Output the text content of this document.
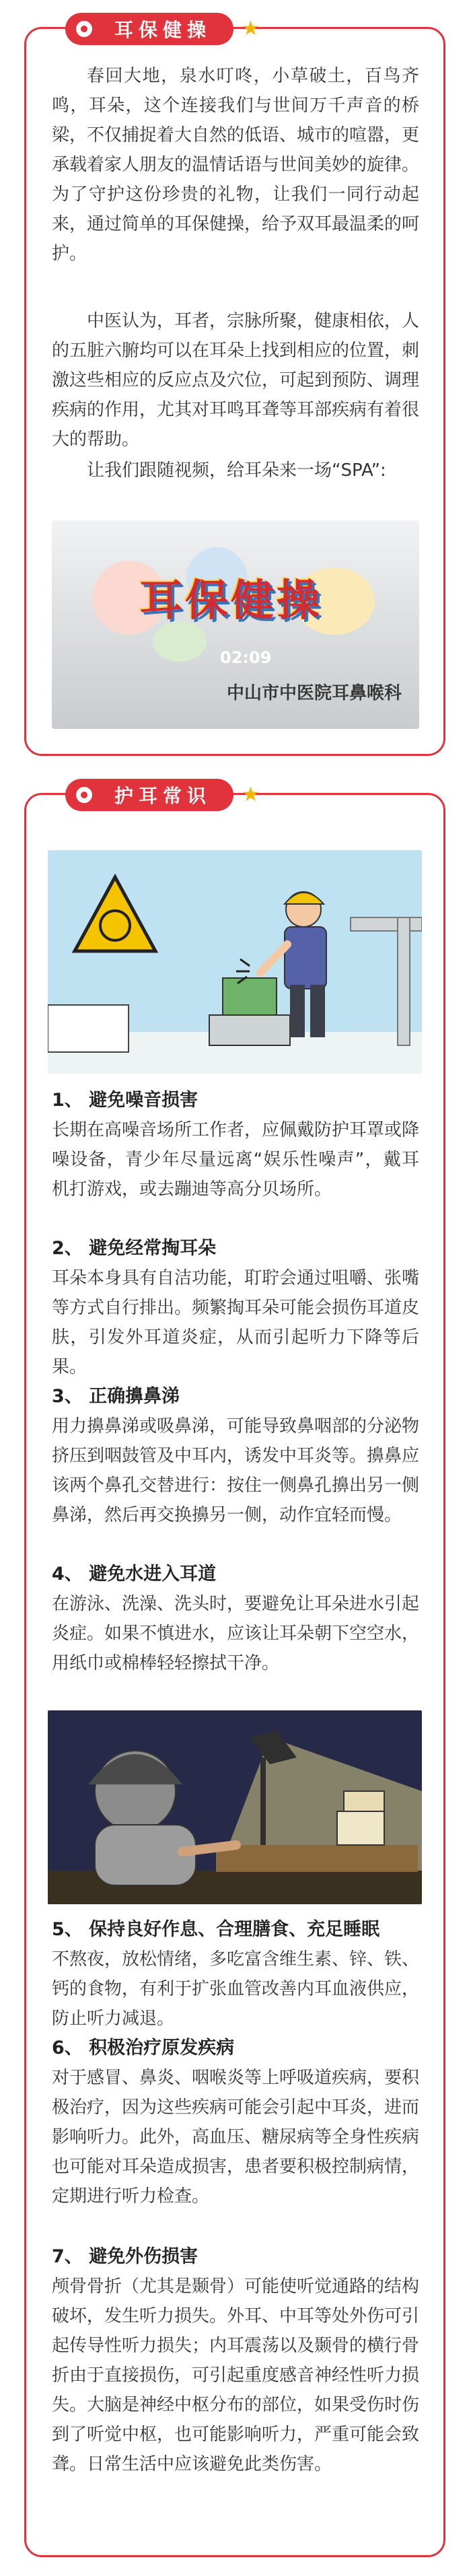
耳保健操 ★

春回大地，泉水叮咚，小草破土，百鸟齐鸣，耳朵，这个连接我们与世间万千声音的桥梁，不仅捕捉着大自然的低语、城市的喧嚣，更承载着家人朋友的温情话语与世间美妙的旋律。为了守护这份珍贵的礼物，让我们一同行动起来，通过简单的耳保健操，给予双耳最温柔的呵护。

中医认为，耳者，宗脉所聚，健康相依，人的五脏六腑均可以在耳朵上找到相应的位置，刺激这些相应的反应点及穴位，可起到预防、调理疾病的作用，尤其对耳鸣耳聋等耳部疾病有着很大的帮助。

让我们跟随视频，给耳朵来一场“SPA”:

耳保健操
02:09
中山市中医院耳鼻喉科
护耳常识 ★

1、 避免噪音损害

长期在高噪音场所工作者，应佩戴防护耳罩或降噪设备，青少年尽量远离“娱乐性噪声”，戴耳机打游戏，或去蹦迪等高分贝场所。

2、 避免经常掏耳朵

耳朵本身具有自洁功能，耵聍会通过咀嚼、张嘴等方式自行排出。频繁掏耳朵可能会损伤耳道皮肤，引发外耳道炎症，从而引起听力下降等后果。

3、 正确擤鼻涕

用力擤鼻涕或吸鼻涕，可能导致鼻咽部的分泌物挤压到咽鼓管及中耳内，诱发中耳炎等。擤鼻应该两个鼻孔交替进行：按住一侧鼻孔擤出另一侧鼻涕，然后再交换擤另一侧，动作宜轻而慢。

4、 避免水进入耳道

在游泳、洗澡、洗头时，要避免让耳朵进水引起炎症。如果不慎进水，应该让耳朵朝下空空水，用纸巾或棉棒轻轻擦拭干净。

5、 保持良好作息、合理膳食、充足睡眠

不熬夜，放松情绪，多吃富含维生素、锌、铁、钙的食物，有利于扩张血管改善内耳血液供应，防止听力减退。

6、 积极治疗原发疾病

对于感冒、鼻炎、咽喉炎等上呼吸道疾病，要积极治疗，因为这些疾病可能会引起中耳炎，进而影响听力。此外，高血压、糖尿病等全身性疾病也可能对耳朵造成损害，患者要积极控制病情，定期进行听力检查。

7、 避免外伤损害

颅骨骨折（尤其是颞骨）可能使听觉通路的结构破坏，发生听力损失。外耳、中耳等处外伤可引起传导性听力损失；内耳震荡以及颞骨的横行骨折由于直接损伤，可引起重度感音神经性听力损失。大脑是神经中枢分布的部位，如果受伤时伤到了听觉中枢，也可能影响听力，严重可能会致聋。日常生活中应该避免此类伤害。
